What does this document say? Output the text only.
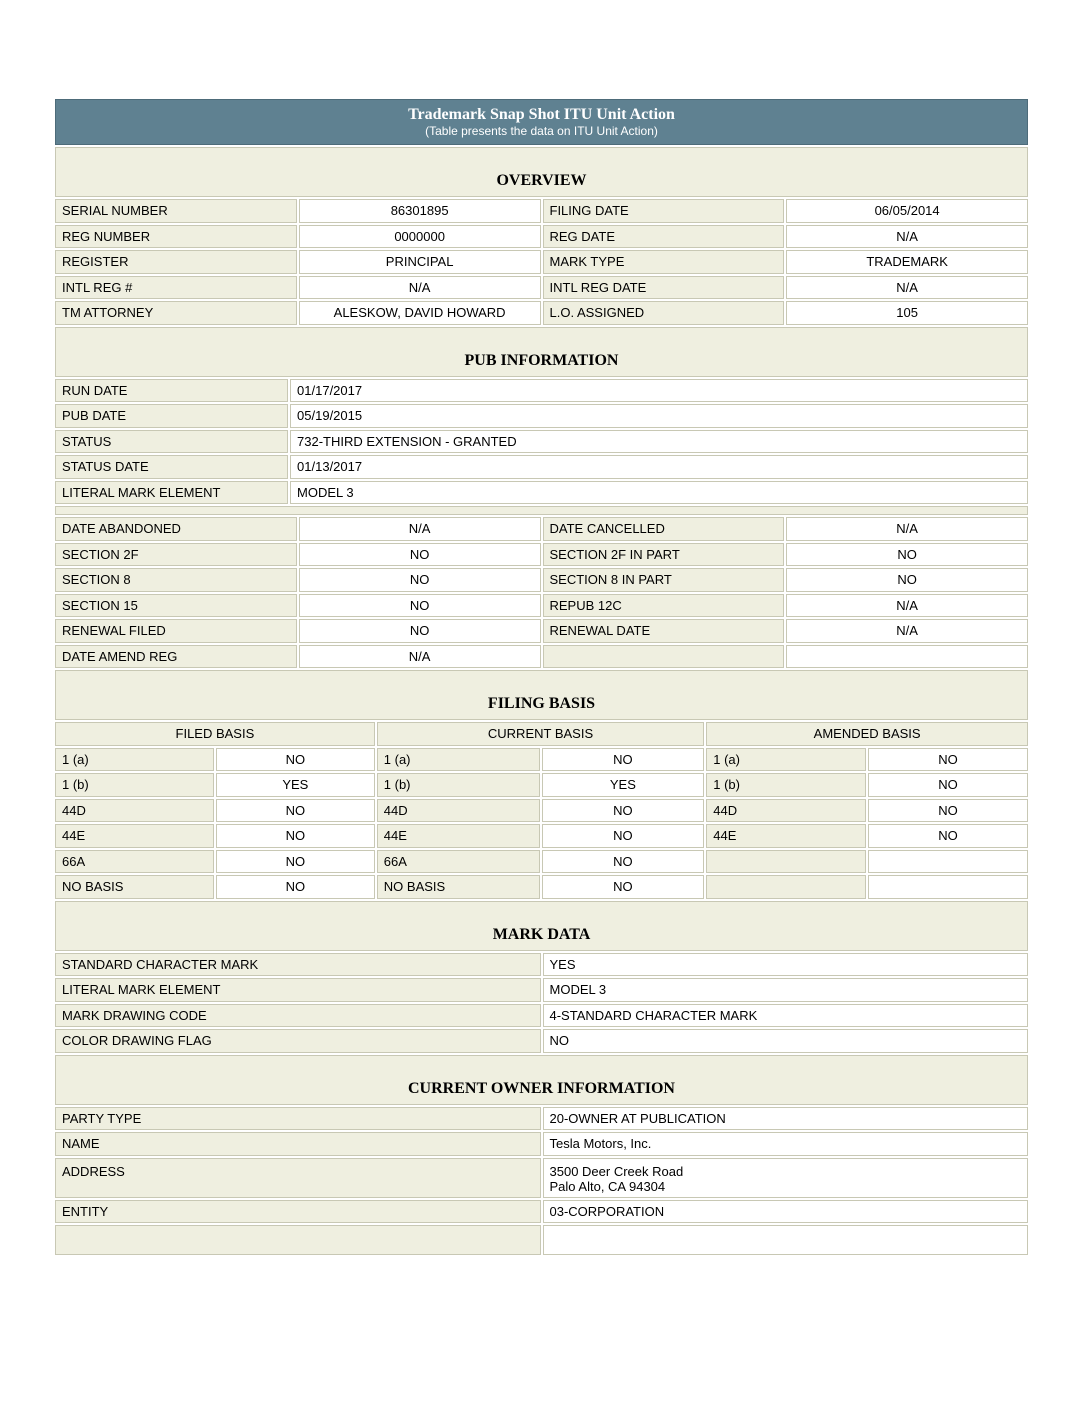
Trademark Snap Shot ITU Unit Action
(Table presents the data on ITU Unit Action)
OVERVIEW			
SERIAL NUMBER	86301895	FILING DATE	06/05/2014
REG NUMBER	0000000	REG DATE	N/A
REGISTER	PRINCIPAL	MARK TYPE	TRADEMARK
INTL REG #	N/A	INTL REG DATE	N/A
TM ATTORNEY	ALESKOW, DAVID HOWARD	L.O. ASSIGNED	105
PUB INFORMATION	
RUN DATE	01/17/2017
PUB DATE	05/19/2015
STATUS	732-THIRD EXTENSION - GRANTED
STATUS DATE	01/13/2017
LITERAL MARK ELEMENT	MODEL 3

DATE ABANDONED	N/A	DATE CANCELLED	N/A
SECTION 2F	NO	SECTION 2F IN PART	NO
SECTION 8	NO	SECTION 8 IN PART	NO
SECTION 15	NO	REPUB 12C	N/A
RENEWAL FILED	NO	RENEWAL DATE	N/A
DATE AMEND REG	N/A		
FILING BASIS					
FILED BASIS		CURRENT BASIS		AMENDED BASIS	
1 (a)	NO	1 (a)	NO	1 (a)	NO
1 (b)	YES	1 (b)	YES	1 (b)	NO
44D	NO	44D	NO	44D	NO
44E	NO	44E	NO	44E	NO
66A	NO	66A	NO		
NO BASIS	NO	NO BASIS	NO		
MARK DATA	
STANDARD CHARACTER MARK	YES
LITERAL MARK ELEMENT	MODEL 3
MARK DRAWING CODE	4-STANDARD CHARACTER MARK
COLOR DRAWING FLAG	NO
CURRENT OWNER INFORMATION	
PARTY TYPE	20-OWNER AT PUBLICATION
NAME	Tesla Motors, Inc.
ADDRESS	3500 Deer Creek Road
Palo Alto, CA 94304

ENTITY	03-CORPORATION
